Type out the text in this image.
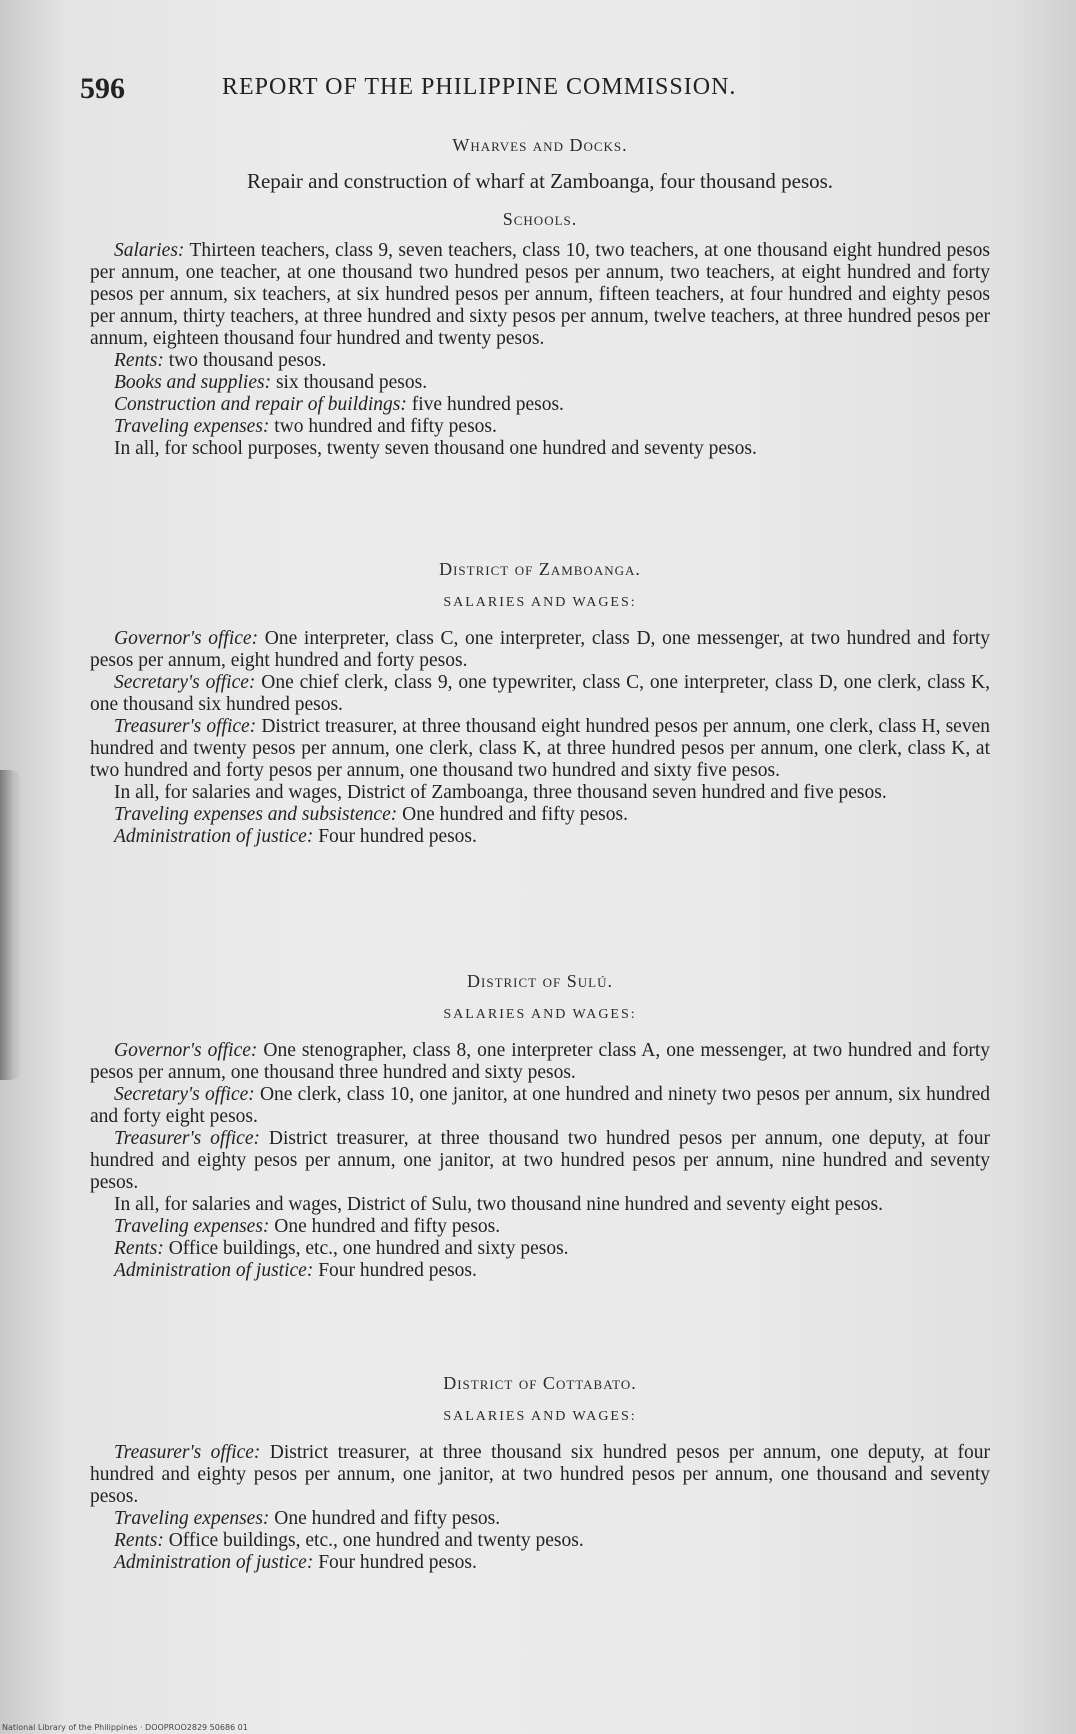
596	REPORT OF THE PHILIPPINE COMMISSION.
Wharves and Docks.

Repair and construction of wharf at Zamboanga, four thousand pesos.

Schools.

Salaries: Thirteen teachers, class 9, seven teachers, class 10, two teachers, at one thousand eight hundred pesos per annum, one teacher, at one thousand two hundred pesos per annum, two teachers, at eight hundred and forty pesos per annum, six teachers, at six hundred pesos per annum, fifteen teachers, at four hundred and eighty pesos per annum, thirty teachers, at three hundred and sixty pesos per annum, twelve teachers, at three hundred pesos per annum, eighteen thousand four hundred and twenty pesos.

Rents: two thousand pesos.

Books and supplies: six thousand pesos.

Construction and repair of buildings: five hundred pesos.

Traveling expenses: two hundred and fifty pesos.

In all, for school purposes, twenty seven thousand one hundred and seventy pesos.

District of Zamboanga.
SALARIES AND WAGES:

Governor's office: One interpreter, class C, one interpreter, class D, one messenger, at two hundred and forty pesos per annum, eight hundred and forty pesos.

Secretary's office: One chief clerk, class 9, one typewriter, class C, one interpreter, class D, one clerk, class K, one thousand six hundred pesos.

Treasurer's office: District treasurer, at three thousand eight hundred pesos per annum, one clerk, class H, seven hundred and twenty pesos per annum, one clerk, class K, at three hundred pesos per annum, one clerk, class K, at two hundred and forty pesos per annum, one thousand two hundred and sixty five pesos.

In all, for salaries and wages, District of Zamboanga, three thousand seven hundred and five pesos.

Traveling expenses and subsistence: One hundred and fifty pesos.

Administration of justice: Four hundred pesos.

District of Sulú.
SALARIES AND WAGES:

Governor's office: One stenographer, class 8, one interpreter class A, one messenger, at two hundred and forty pesos per annum, one thousand three hundred and sixty pesos.

Secretary's office: One clerk, class 10, one janitor, at one hundred and ninety two pesos per annum, six hundred and forty eight pesos.

Treasurer's office: District treasurer, at three thousand two hundred pesos per annum, one deputy, at four hundred and eighty pesos per annum, one janitor, at two hundred pesos per annum, nine hundred and seventy pesos.

In all, for salaries and wages, District of Sulu, two thousand nine hundred and seventy eight pesos.

Traveling expenses: One hundred and fifty pesos.

Rents: Office buildings, etc., one hundred and sixty pesos.

Administration of justice: Four hundred pesos.

District of Cottabato.
SALARIES AND WAGES:

Treasurer's office: District treasurer, at three thousand six hundred pesos per annum, one deputy, at four hundred and eighty pesos per annum, one janitor, at two hundred pesos per annum, one thousand and seventy pesos.

Traveling expenses: One hundred and fifty pesos.

Rents: Office buildings, etc., one hundred and twenty pesos.

Administration of justice: Four hundred pesos.

National Library of the Philippines · DOOPROO2829 50686 01
